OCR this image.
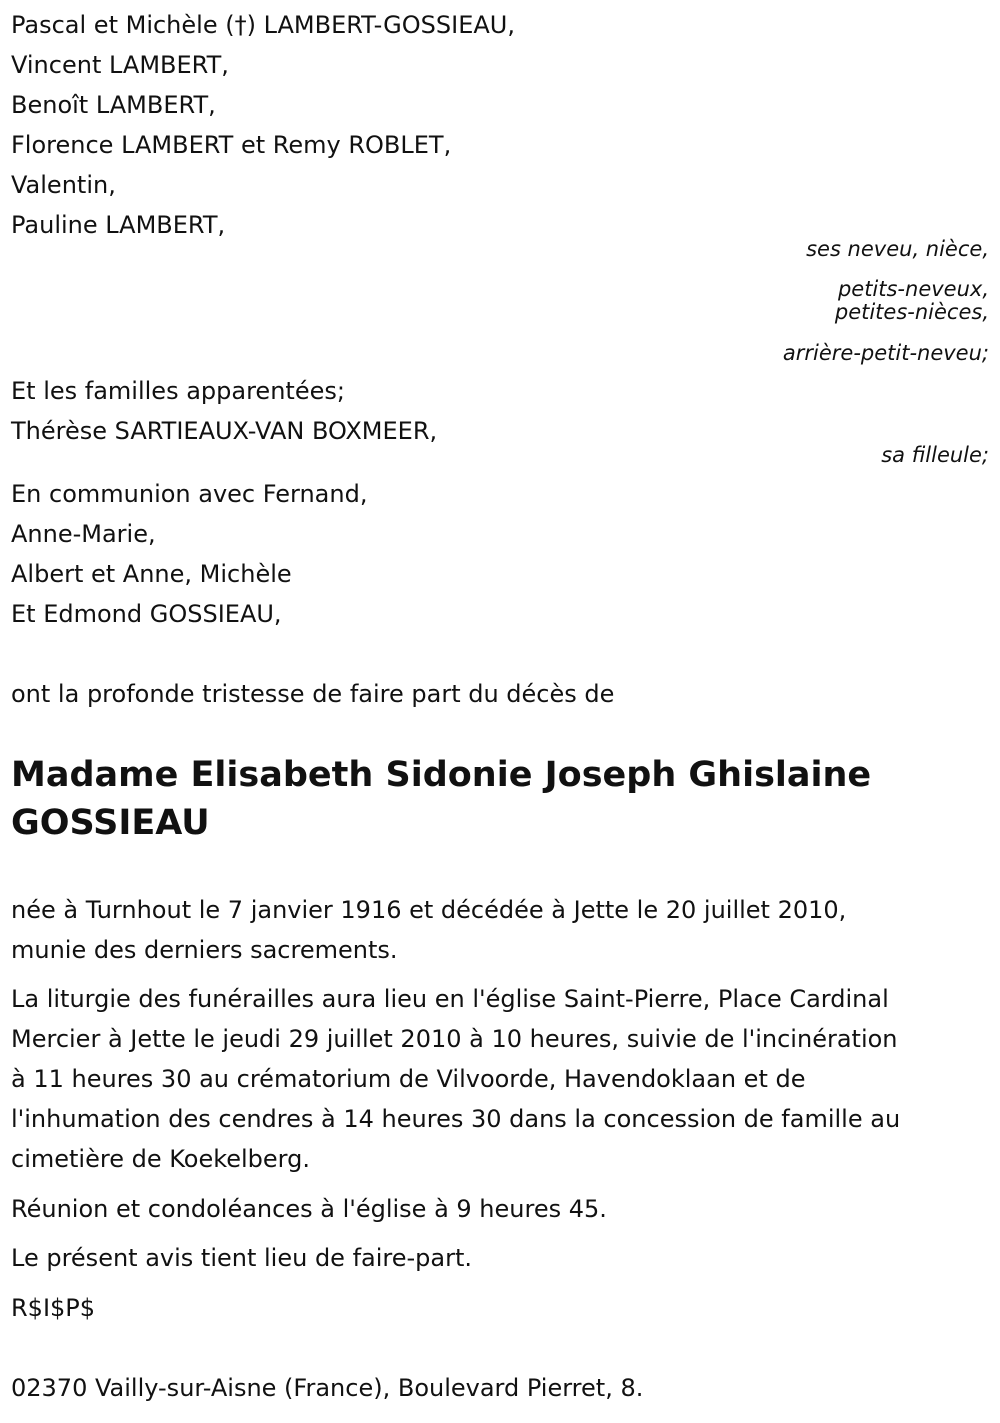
Pascal et Michèle (†) LAMBERT-GOSSIEAU,
Vincent LAMBERT,
Benoît LAMBERT,
Florence LAMBERT et Remy ROBLET,
Valentin,
Pauline LAMBERT,
ses neveu, nièce,
petits-neveux,
petites-nièces,
arrière-petit-neveu;
Et les familles apparentées;
Thérèse SARTIEAUX-VAN BOXMEER,
sa filleule;
En communion avec Fernand,
Anne-Marie,
Albert et Anne, Michèle
Et Edmond GOSSIEAU,
ont la profonde tristesse de faire part du décès de
Madame Elisabeth Sidonie Joseph Ghislaine
GOSSIEAU
née à Turnhout le 7 janvier 1916 et décédée à Jette le 20 juillet 2010,
munie des derniers sacrements.
La liturgie des funérailles aura lieu en l'église Saint-Pierre, Place Cardinal
Mercier à Jette le jeudi 29 juillet 2010 à 10 heures, suivie de l'incinération
à 11 heures 30 au crématorium de Vilvoorde, Havendoklaan et de
l'inhumation des cendres à 14 heures 30 dans la concession de famille au
cimetière de Koekelberg.
Réunion et condoléances à l'église à 9 heures 45.
Le présent avis tient lieu de faire-part.
R$I$P$
02370 Vailly-sur-Aisne (France), Boulevard Pierret, 8.
